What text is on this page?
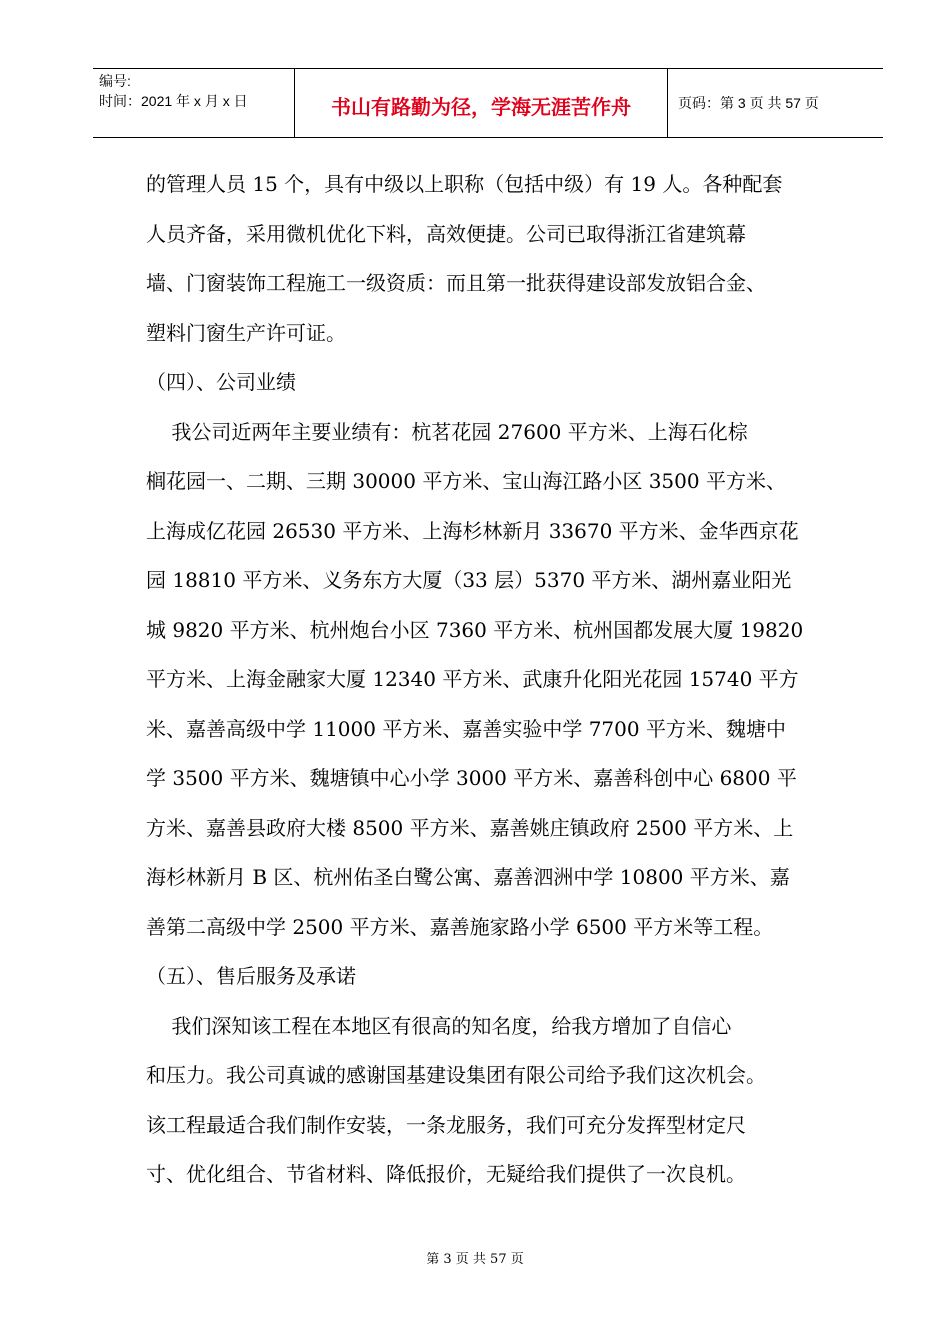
编号:
时间：2021 年 x 月 x 日	书山有路勤为径，学海无涯苦作舟	页码：第 3 页 共 57 页
的管理人员 15 个，具有中级以上职称（包括中级）有 19 人。各种配套
人员齐备，采用微机优化下料，高效便捷。公司已取得浙江省建筑幕
墙、门窗装饰工程施工一级资质：而且第一批获得建设部发放铝合金、
塑料门窗生产许可证。
（四）、公司业绩
我公司近两年主要业绩有：杭茗花园 27600 平方米、上海石化棕
榈花园一、二期、三期 30000 平方米、宝山海江路小区 3500 平方米、
上海成亿花园 26530 平方米、上海杉林新月 33670 平方米、金华西京花
园 18810 平方米、义务东方大厦（33 层）5370 平方米、湖州嘉业阳光
城 9820 平方米、杭州炮台小区 7360 平方米、杭州国都发展大厦 19820
平方米、上海金融家大厦 12340 平方米、武康升化阳光花园 15740 平方
米、嘉善高级中学 11000 平方米、嘉善实验中学 7700 平方米、魏塘中
学 3500 平方米、魏塘镇中心小学 3000 平方米、嘉善科创中心 6800 平
方米、嘉善县政府大楼 8500 平方米、嘉善姚庄镇政府 2500 平方米、上
海杉林新月 B 区、杭州佑圣白鹭公寓、嘉善泗洲中学 10800 平方米、嘉
善第二高级中学 2500 平方米、嘉善施家路小学 6500 平方米等工程。
（五）、售后服务及承诺
我们深知该工程在本地区有很高的知名度，给我方增加了自信心
和压力。我公司真诚的感谢国基建设集团有限公司给予我们这次机会。
该工程最适合我们制作安装，一条龙服务，我们可充分发挥型材定尺
寸、优化组合、节省材料、降低报价，无疑给我们提供了一次良机。
第 3 页 共 57 页
